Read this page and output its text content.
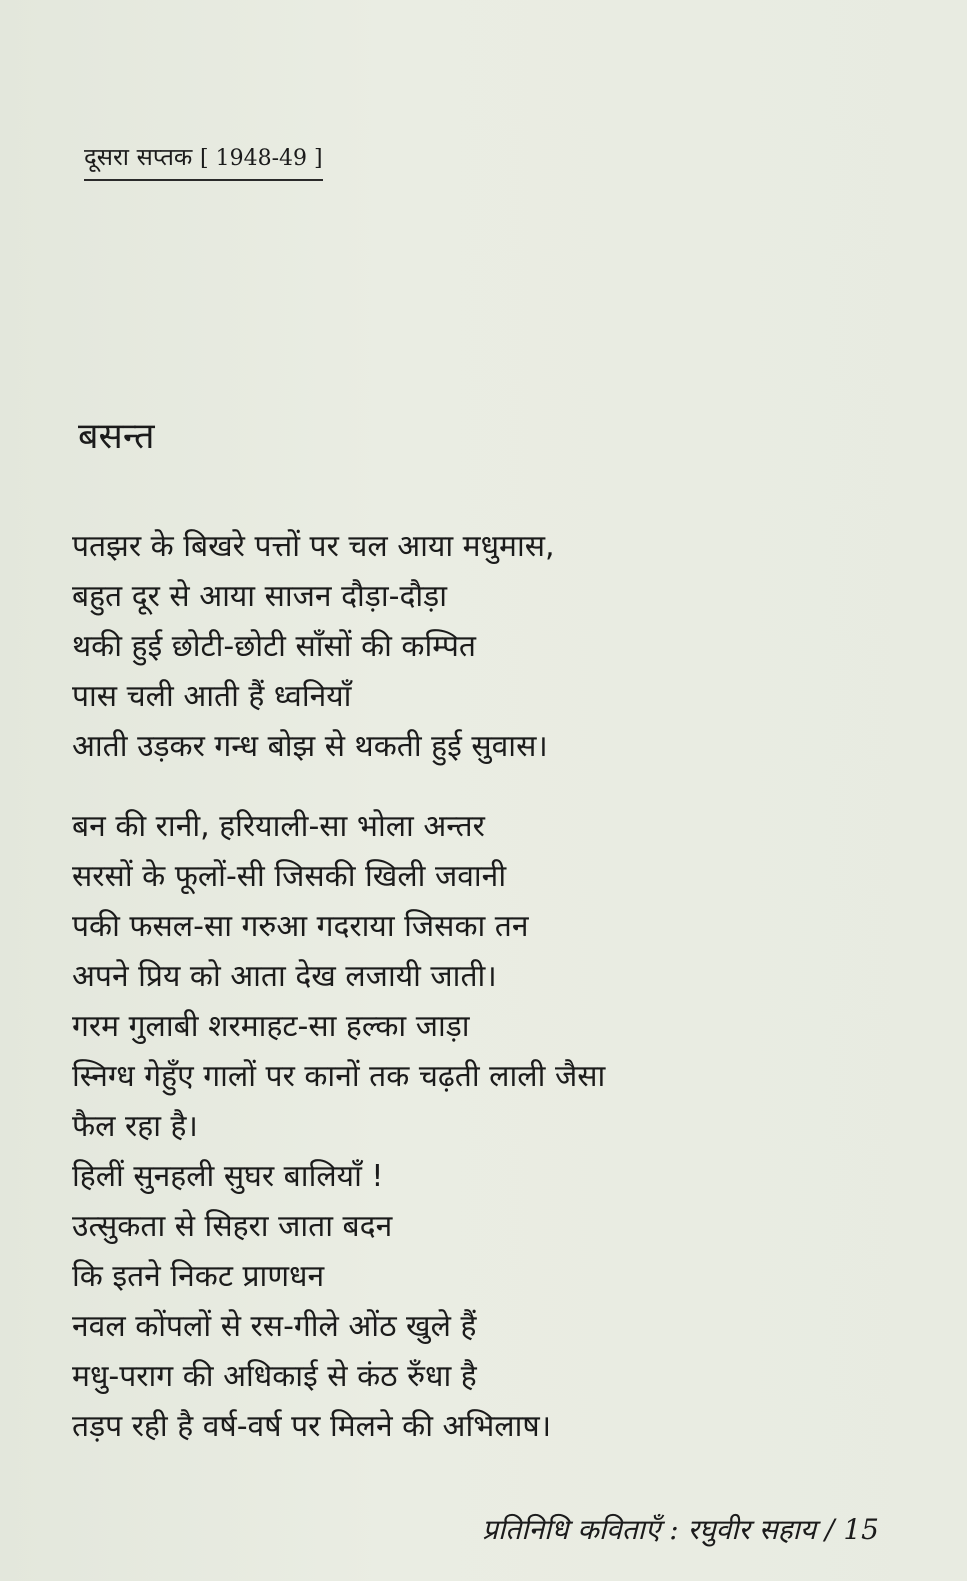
दूसरा सप्तक [ 1948-49 ]
बसन्त
पतझर के बिखरे पत्तों पर चल आया मधुमास,
बहुत दूर से आया साजन दौड़ा-दौड़ा
थकी हुई छोटी-छोटी साँसों की कम्पित
पास चली आती हैं ध्वनियाँ
आती उड़कर गन्ध बोझ से थकती हुई सुवास।
बन की रानी, हरियाली-सा भोला अन्तर
सरसों के फूलों-सी जिसकी खिली जवानी
पकी फसल-सा गरुआ गदराया जिसका तन
अपने प्रिय को आता देख लजायी जाती।
गरम गुलाबी शरमाहट-सा हल्का जाड़ा
स्निग्ध गेहुँए गालों पर कानों तक चढ़ती लाली जैसा
फैल रहा है।
हिलीं सुनहली सुघर बालियाँ !
उत्सुकता से सिहरा जाता बदन
कि इतने निकट प्राणधन
नवल कोंपलों से रस-गीले ओंठ खुले हैं
मधु-पराग की अधिकाई से कंठ रुँधा है
तड़प रही है वर्ष-वर्ष पर मिलने की अभिलाष।
प्रतिनिधि कविताएँ : रघुवीर सहाय / 15
